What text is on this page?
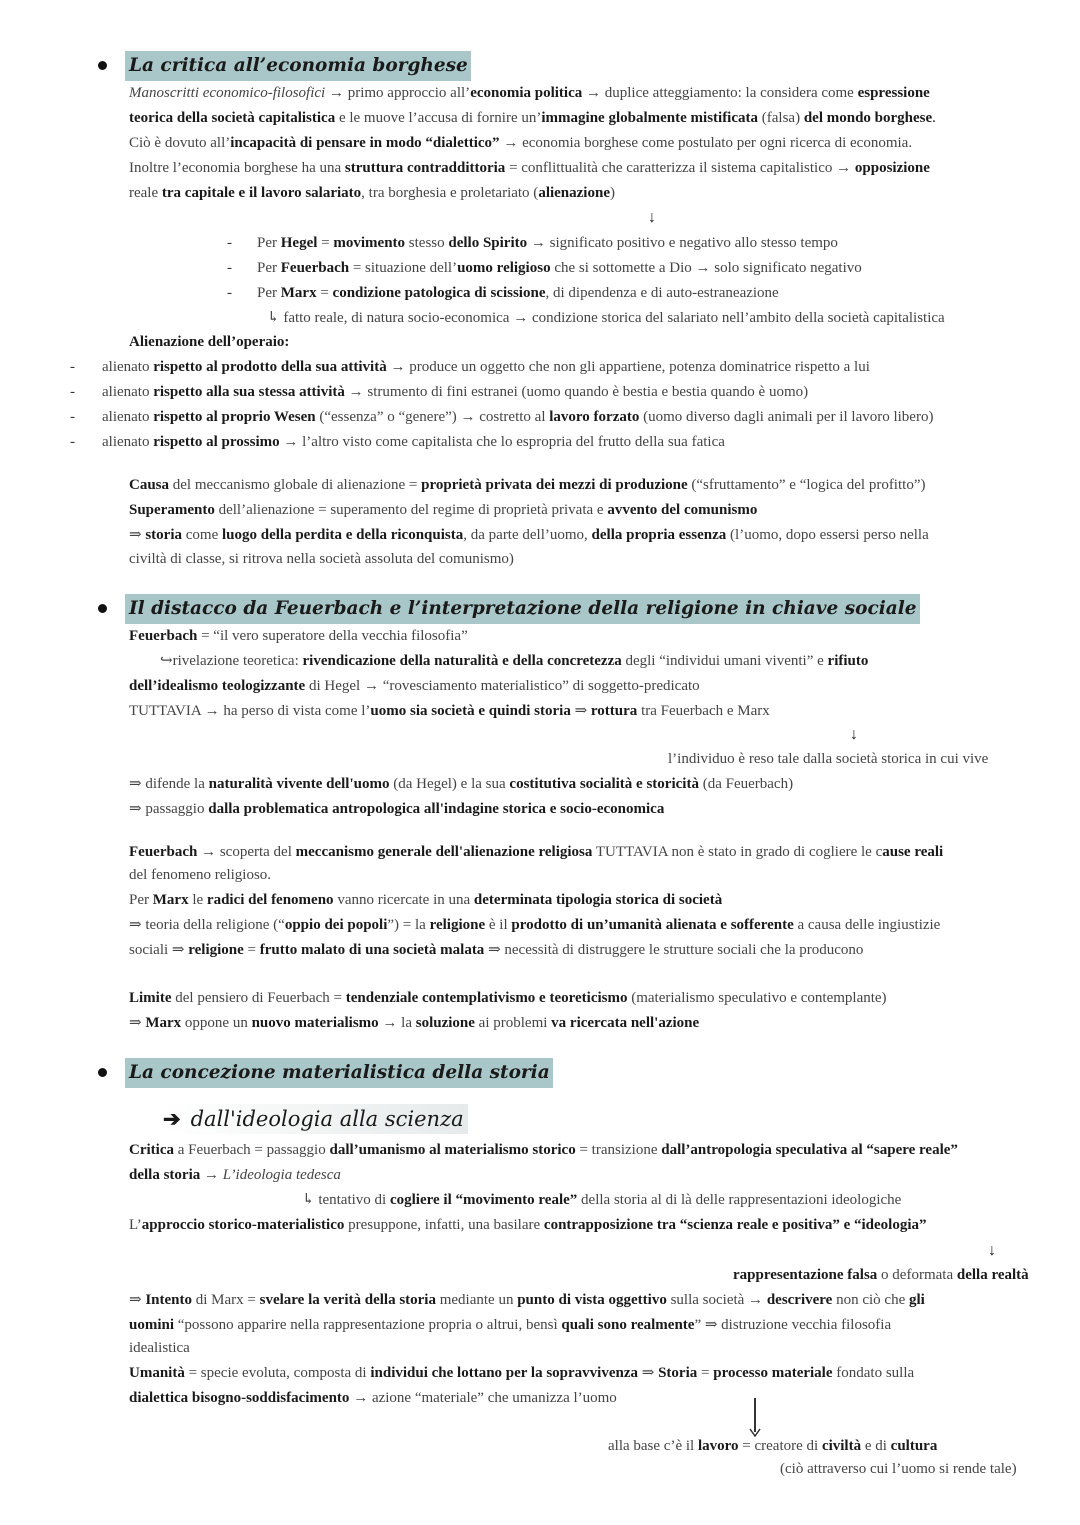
La critica all’economia borghese
Manoscritti economico-filosofici → primo approccio all’economia politica → duplice atteggiamento: la considera come espressione
teorica della società capitalistica e le muove l’accusa di fornire un’immagine globalmente mistificata (falsa) del mondo borghese.
Ciò è dovuto all’incapacità di pensare in modo “dialettico” → economia borghese come postulato per ogni ricerca di economia.
Inoltre l’economia borghese ha una struttura contraddittoria = conflittualità che caratterizza il sistema capitalistico → opposizione
reale tra capitale e il lavoro salariato, tra borghesia e proletariato (alienazione)
↓
- Per Hegel = movimento stesso dello Spirito → significato positivo e negativo allo stesso tempo
- Per Feuerbach = situazione dell’uomo religioso che si sottomette a Dio → solo significato negativo
- Per Marx = condizione patologica di scissione, di dipendenza e di auto-estraneazione
↳ fatto reale, di natura socio-economica → condizione storica del salariato nell’ambito della società capitalistica
Alienazione dell’operaio:
- alienato rispetto al prodotto della sua attività → produce un oggetto che non gli appartiene, potenza dominatrice rispetto a lui
- alienato rispetto alla sua stessa attività → strumento di fini estranei (uomo quando è bestia e bestia quando è uomo)
- alienato rispetto al proprio Wesen (“essenza” o “genere”) → costretto al lavoro forzato (uomo diverso dagli animali per il lavoro libero)
- alienato rispetto al prossimo → l’altro visto come capitalista che lo espropria del frutto della sua fatica
Causa del meccanismo globale di alienazione = proprietà privata dei mezzi di produzione (“sfruttamento” e “logica del profitto”)
Superamento dell’alienazione = superamento del regime di proprietà privata e avvento del comunismo
⇒ storia come luogo della perdita e della riconquista, da parte dell’uomo, della propria essenza (l’uomo, dopo essersi perso nella
civiltà di classe, si ritrova nella società assoluta del comunismo)
Il distacco da Feuerbach e l’interpretazione della religione in chiave sociale
Feuerbach = “il vero superatore della vecchia filosofia”
↪rivelazione teoretica: rivendicazione della naturalità e della concretezza degli “individui umani viventi” e rifiuto
dell’idealismo teologizzante di Hegel → “rovesciamento materialistico” di soggetto-predicato
TUTTAVIA → ha perso di vista come l’uomo sia società e quindi storia ⇒ rottura tra Feuerbach e Marx
↓
l’individuo è reso tale dalla società storica in cui vive
⇒ difende la naturalità vivente dell'uomo (da Hegel) e la sua costitutiva socialità e storicità (da Feuerbach)
⇒ passaggio dalla problematica antropologica all'indagine storica e socio-economica
Feuerbach → scoperta del meccanismo generale dell'alienazione religiosa TUTTAVIA non è stato in grado di cogliere le cause reali
del fenomeno religioso.
Per Marx le radici del fenomeno vanno ricercate in una determinata tipologia storica di società
⇒ teoria della religione (“oppio dei popoli”) = la religione è il prodotto di un’umanità alienata e sofferente a causa delle ingiustizie
sociali ⇒ religione = frutto malato di una società malata ⇒ necessità di distruggere le strutture sociali che la producono
Limite del pensiero di Feuerbach = tendenziale contemplativismo e teoreticismo (materialismo speculativo e contemplante)
⇒ Marx oppone un nuovo materialismo → la soluzione ai problemi va ricercata nell'azione
La concezione materialistica della storia
➔ dall'ideologia alla scienza
Critica a Feuerbach = passaggio dall’umanismo al materialismo storico = transizione dall’antropologia speculativa al “sapere reale”
della storia → L’ideologia tedesca
↳ tentativo di cogliere il “movimento reale” della storia al di là delle rappresentazioni ideologiche
L’approccio storico-materialistico presuppone, infatti, una basilare contrapposizione tra “scienza reale e positiva” e “ideologia”
↓
rappresentazione falsa o deformata della realtà
⇒ Intento di Marx = svelare la verità della storia mediante un punto di vista oggettivo sulla società → descrivere non ciò che gli
uomini “possono apparire nella rappresentazione propria o altrui, bensì quali sono realmente” ⇒ distruzione vecchia filosofia
idealistica
Umanità = specie evoluta, composta di individui che lottano per la sopravvivenza ⇒ Storia = processo materiale fondato sulla
dialettica bisogno-soddisfacimento → azione “materiale” che umanizza l’uomo
alla base c’è il lavoro = creatore di civiltà e di cultura
(ciò attraverso cui l’uomo si rende tale)
